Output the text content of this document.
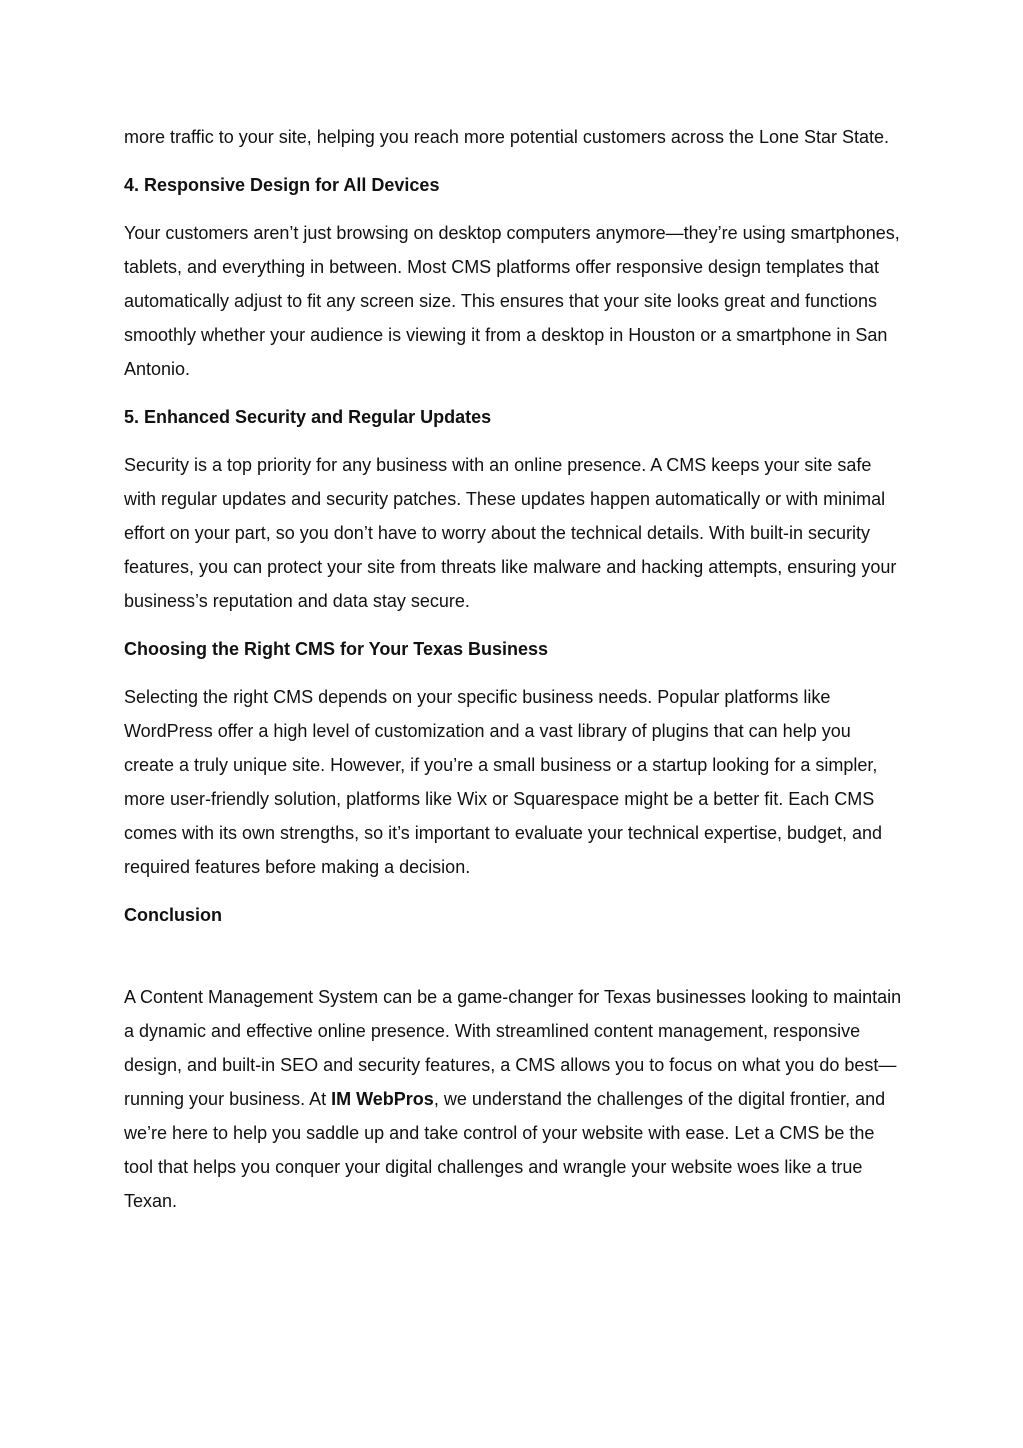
more traffic to your site, helping you reach more potential customers across the Lone Star State.

4. Responsive Design for All Devices

Your customers aren’t just browsing on desktop computers anymore—they’re using smartphones, tablets, and everything in between. Most CMS platforms offer responsive design templates that automatically adjust to fit any screen size. This ensures that your site looks great and functions smoothly whether your audience is viewing it from a desktop in Houston or a smartphone in San Antonio.

5. Enhanced Security and Regular Updates

Security is a top priority for any business with an online presence. A CMS keeps your site safe with regular updates and security patches. These updates happen automatically or with minimal effort on your part, so you don’t have to worry about the technical details. With built-in security features, you can protect your site from threats like malware and hacking attempts, ensuring your business’s reputation and data stay secure.

Choosing the Right CMS for Your Texas Business

Selecting the right CMS depends on your specific business needs. Popular platforms like WordPress offer a high level of customization and a vast library of plugins that can help you create a truly unique site. However, if you’re a small business or a startup looking for a simpler, more user-friendly solution, platforms like Wix or Squarespace might be a better fit. Each CMS comes with its own strengths, so it’s important to evaluate your technical expertise, budget, and required features before making a decision.

Conclusion

A Content Management System can be a game-changer for Texas businesses looking to maintain a dynamic and effective online presence. With streamlined content management, responsive design, and built-in SEO and security features, a CMS allows you to focus on what you do best—running your business. At IM WebPros, we understand the challenges of the digital frontier, and we’re here to help you saddle up and take control of your website with ease. Let a CMS be the tool that helps you conquer your digital challenges and wrangle your website woes like a true Texan.
